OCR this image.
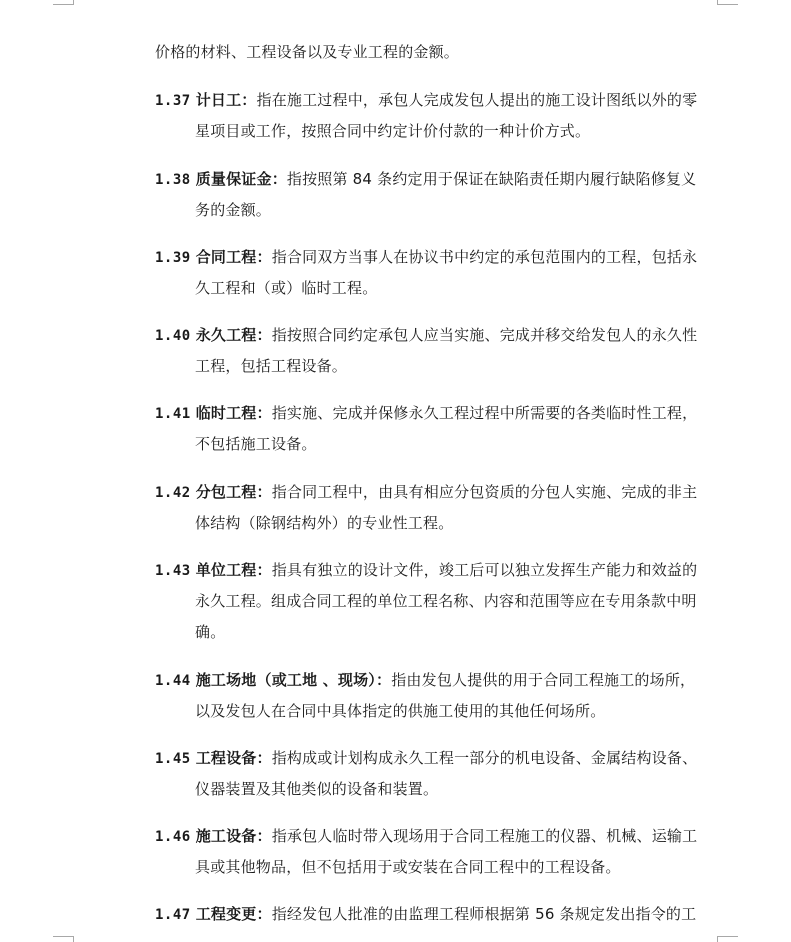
价格的材料、工程设备以及专业工程的金额。
1.37 计日工：指在施工过程中，承包人完成发包人提出的施工设计图纸以外的零
星项目或工作，按照合同中约定计价付款的一种计价方式。
1.38 质量保证金：指按照第 84 条约定用于保证在缺陷责任期内履行缺陷修复义
务的金额。
1.39 合同工程：指合同双方当事人在协议书中约定的承包范围内的工程，包括永
久工程和（或）临时工程。
1.40 永久工程：指按照合同约定承包人应当实施、完成并移交给发包人的永久性
工程，包括工程设备。
1.41 临时工程：指实施、完成并保修永久工程过程中所需要的各类临时性工程，
不包括施工设备。
1.42 分包工程：指合同工程中，由具有相应分包资质的分包人实施、完成的非主
体结构（除钢结构外）的专业性工程。
1.43 单位工程：指具有独立的设计文件，竣工后可以独立发挥生产能力和效益的
永久工程。组成合同工程的单位工程名称、内容和范围等应在专用条款中明
确。
1.44 施工场地（或工地 、现场）：指由发包人提供的用于合同工程施工的场所，
以及发包人在合同中具体指定的供施工使用的其他任何场所。
1.45 工程设备：指构成或计划构成永久工程一部分的机电设备、金属结构设备、
仪器装置及其他类似的设备和装置。
1.46 施工设备：指承包人临时带入现场用于合同工程施工的仪器、机械、运输工
具或其他物品，但不包括用于或安装在合同工程中的工程设备。
1.47 工程变更：指经发包人批准的由监理工程师根据第 56 条规定发出指令的工
